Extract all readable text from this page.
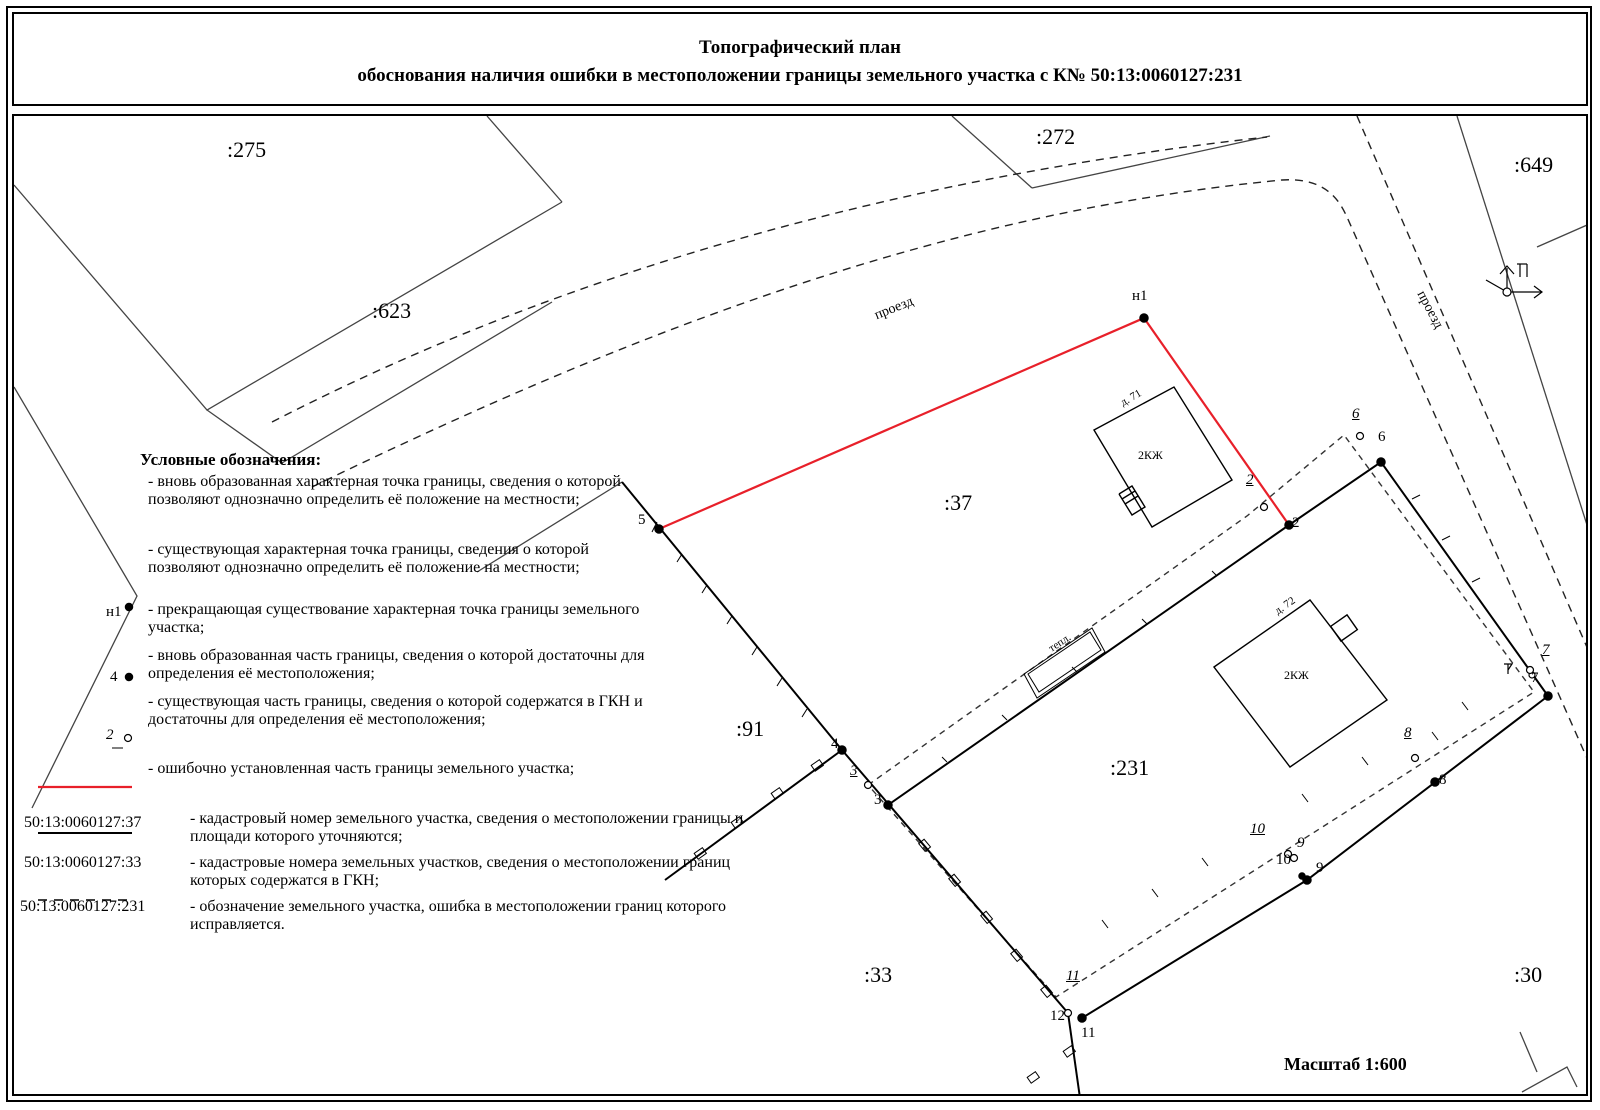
Топографический план
обоснования наличия ошибки в местоположении границы земельного участка с К№ 50:13:0060127:231
:275
:272
:649
:623
:37
:91
:231
:33	:30
проезд	проезд
д. 71
2КЖ
д. 72
2КЖ
тепл.
н1
2
2
3
3
4
5
6
6
7
7
8
8
9
9
10
10
11
11
12
Условные обозначения:
н1
4
2
- вновь образованная характерная точка границы, сведения о которой позволяют однозначно определить её положение на местности;
- существующая характерная точка границы, сведения о которой позволяют однозначно определить её положение на местности;
- прекращающая существование характерная точка границы земельного участка;
- вновь образованная часть границы, сведения о которой достаточны для определения её местоположения;
- существующая часть границы, сведения о которой содержатся в ГКН и достаточны для определения её местоположения;
- ошибочно установленная часть границы земельного участка;
50:13:0060127:37	- кадастровый номер земельного участка, сведения о местоположении границы и площади которого уточняются;
50:13:0060127:33	- кадастровые номера земельных участков, сведения о местоположении границ которых содержатся в ГКН;
50:13:0060127:231	- обозначение земельного участка, ошибка в местоположении границ которого исправляется.
Масштаб 1:600
